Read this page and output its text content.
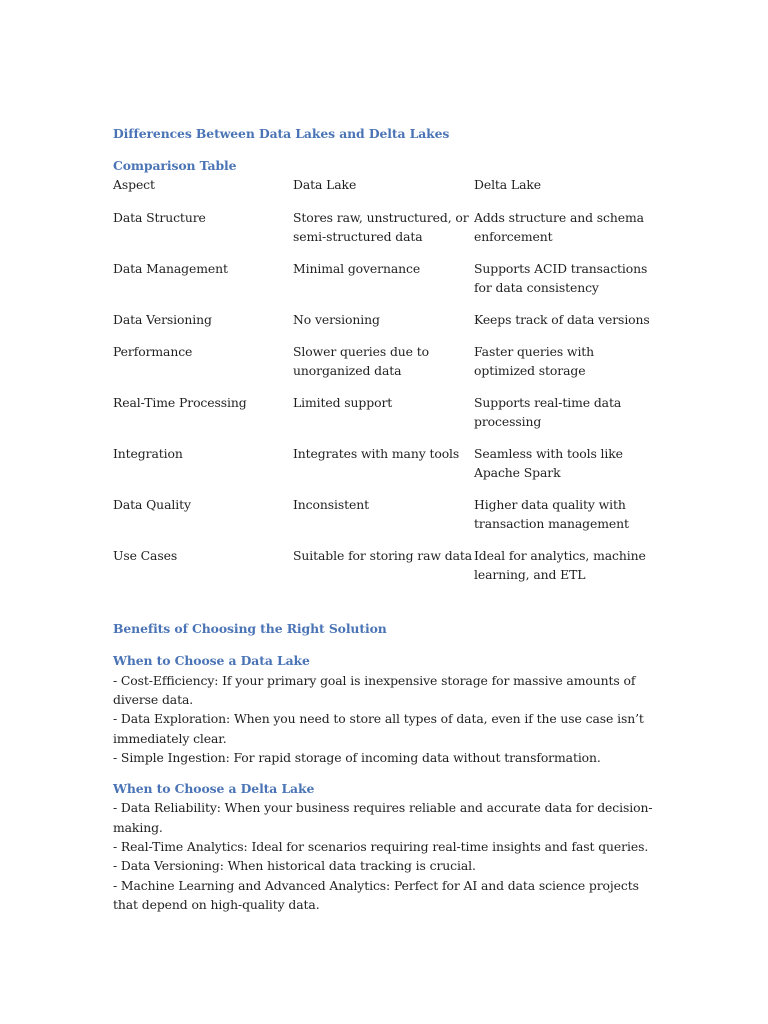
Differences Between Data Lakes and Delta Lakes
Comparison Table
Aspect	Data Lake	Delta Lake
Data Structure	Stores raw, unstructured, or semi-structured data	Adds structure and schema enforcement
Data Management	Minimal governance	Supports ACID transactions for data consistency
Data Versioning	No versioning	Keeps track of data versions
Performance	Slower queries due to unorganized data	Faster queries with optimized storage
Real-Time Processing	Limited support	Supports real-time data processing
Integration	Integrates with many tools	Seamless with tools like Apache Spark
Data Quality	Inconsistent	Higher data quality with transaction management
Use Cases	Suitable for storing raw data	Ideal for analytics, machine learning, and ETL
Benefits of Choosing the Right Solution
When to Choose a Data Lake

- Cost-Efficiency: If your primary goal is inexpensive storage for massive amounts of diverse data.

- Data Exploration: When you need to store all types of data, even if the use case isn’t immediately clear.

- Simple Ingestion: For rapid storage of incoming data without transformation.

When to Choose a Delta Lake

- Data Reliability: When your business requires reliable and accurate data for decision-making.

- Real-Time Analytics: Ideal for scenarios requiring real-time insights and fast queries.

- Data Versioning: When historical data tracking is crucial.

- Machine Learning and Advanced Analytics: Perfect for AI and data science projects that depend on high-quality data.
